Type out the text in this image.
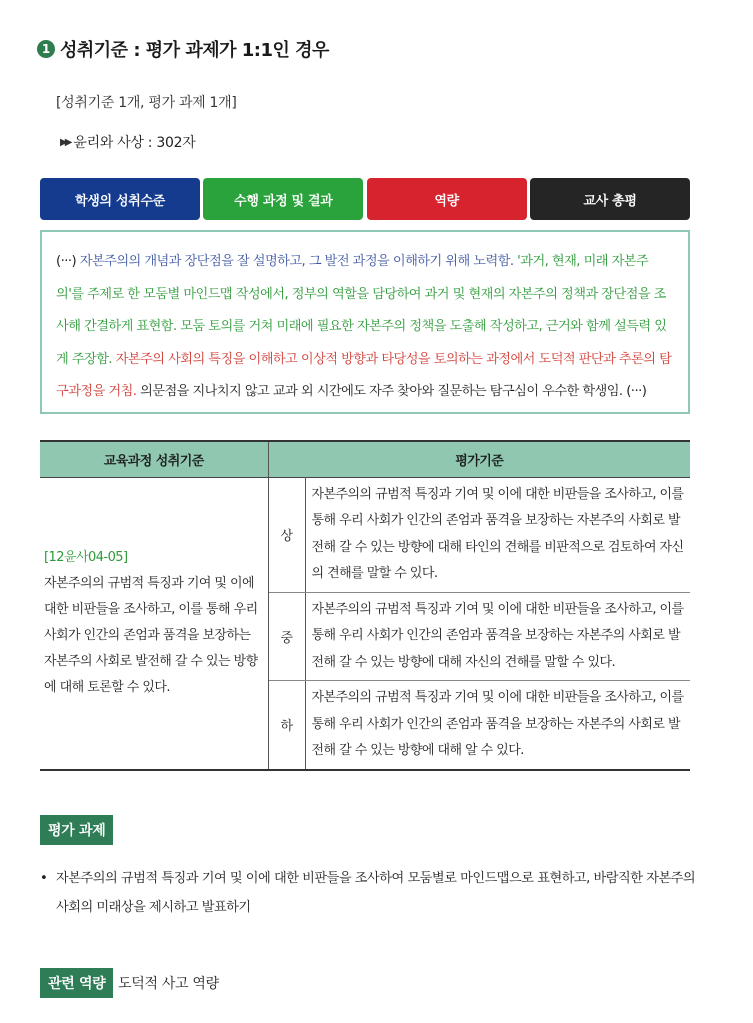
1 성취기준 : 평가 과제가 1:1인 경우
[성취기준 1개, 평가 과제 1개]
▶▶ 윤리와 사상 : 302자
학생의 성취수준	수행 과정 및 결과	역량	교사 총평
(···) 자본주의의 개념과 장단점을 잘 설명하고, 그 발전 과정을 이해하기 위해 노력함. '과거, 현재, 미래 자본주의'를 주제로 한 모둠별 마인드맵 작성에서, 정부의 역할을 담당하여 과거 및 현재의 자본주의 정책과 장단점을 조사해 간결하게 표현함. 모둠 토의를 거쳐 미래에 필요한 자본주의 정책을 도출해 작성하고, 근거와 함께 설득력 있게 주장함. 자본주의 사회의 특징을 이해하고 이상적 방향과 타당성을 토의하는 과정에서 도덕적 판단과 추론의 탐구과정을 거침. 의문점을 지나치지 않고 교과 외 시간에도 자주 찾아와 질문하는 탐구심이 우수한 학생임. (···)
교육과정 성취기준	평가기준	

[12윤사04-05]
자본주의의 규범적 특징과 기여 및 이에 대한 비판들을 조사하고, 이를 통해 우리 사회가 인간의 존엄과 품격을 보장하는 자본주의 사회로 발전해 갈 수 있는 방향에 대해 토론할 수 있다.	상	자본주의의 규범적 특징과 기여 및 이에 대한 비판들을 조사하고, 이를 통해 우리 사회가 인간의 존엄과 품격을 보장하는 자본주의 사회로 발전해 갈 수 있는 방향에 대해 타인의 견해를 비판적으로 검토하여 자신의 견해를 말할 수 있다.
	중	자본주의의 규범적 특징과 기여 및 이에 대한 비판들을 조사하고, 이를 통해 우리 사회가 인간의 존엄과 품격을 보장하는 자본주의 사회로 발전해 갈 수 있는 방향에 대해 자신의 견해를 말할 수 있다.
	하	자본주의의 규범적 특징과 기여 및 이에 대한 비판들을 조사하고, 이를 통해 우리 사회가 인간의 존엄과 품격을 보장하는 자본주의 사회로 발전해 갈 수 있는 방향에 대해 알 수 있다.
평가 과제
• 자본주의의 규범적 특징과 기여 및 이에 대한 비판들을 조사하여 모둠별로 마인드맵으로 표현하고, 바람직한 자본주의 사회의 미래상을 제시하고 발표하기
관련 역량 도덕적 사고 역량
